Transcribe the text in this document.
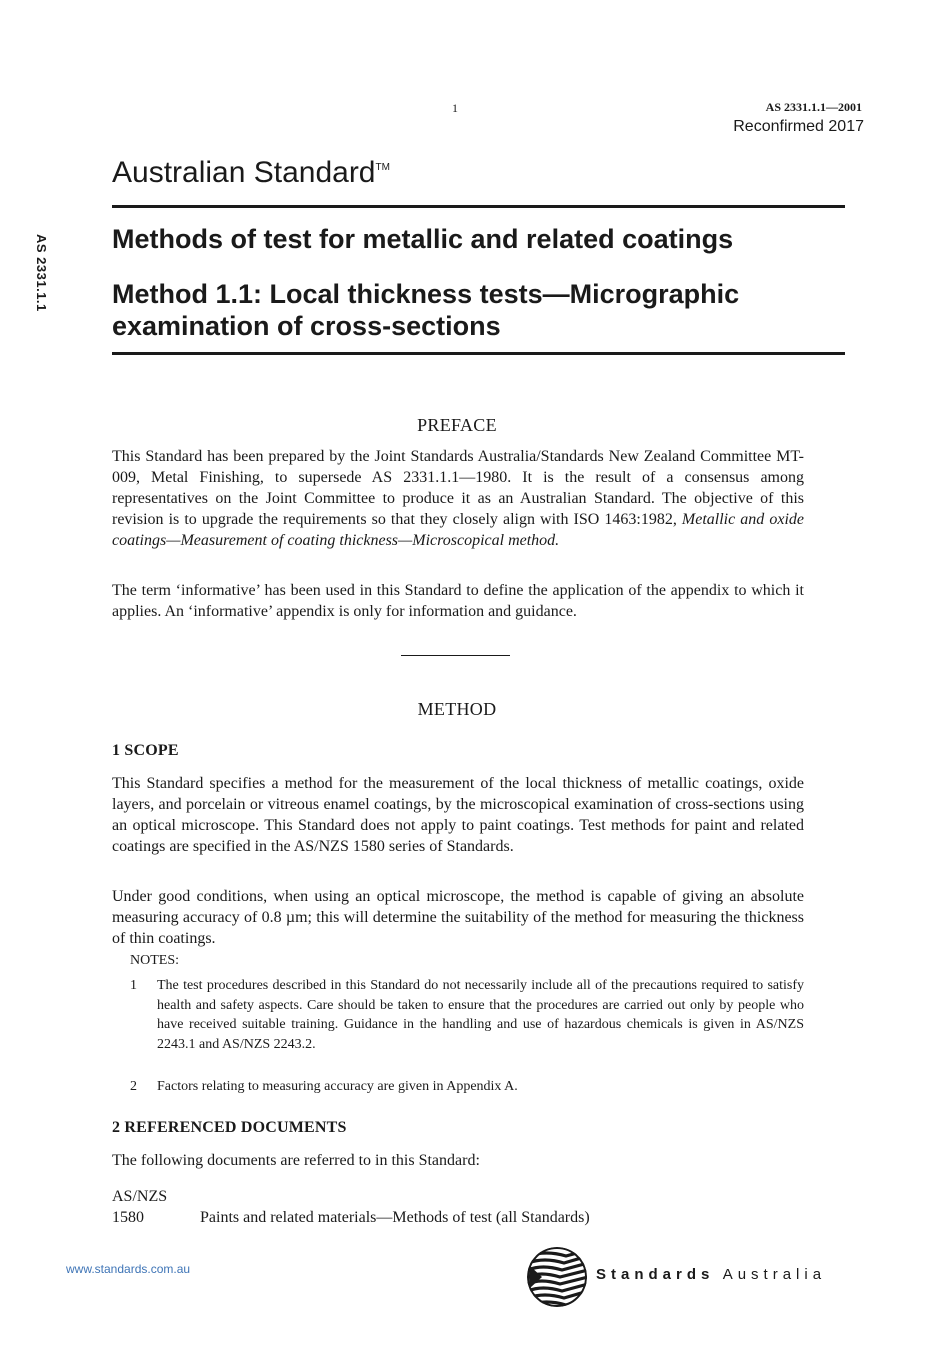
1	AS 2331.1.1—2001
Reconfirmed 2017
Australian Standard™
AS 2331.1.1 Methods of test for metallic and related coatings
Method 1.1: Local thickness tests—Micrographic examination of cross-sections
PREFACE
This Standard has been prepared by the Joint Standards Australia/Standards New Zealand Committee MT-009, Metal Finishing, to supersede AS 2331.1.1—1980. It is the result of a consensus among representatives on the Joint Committee to produce it as an Australian Standard. The objective of this revision is to upgrade the requirements so that they closely align with ISO 1463:1982, Metallic and oxide coatings—Measurement of coating thickness—Microscopical method.
The term ‘informative’ has been used in this Standard to define the application of the appendix to which it applies. An ‘informative’ appendix is only for information and guidance.
METHOD
1 SCOPE
This Standard specifies a method for the measurement of the local thickness of metallic coatings, oxide layers, and porcelain or vitreous enamel coatings, by the microscopical examination of cross-sections using an optical microscope. This Standard does not apply to paint coatings. Test methods for paint and related coatings are specified in the AS/NZS 1580 series of Standards.
Under good conditions, when using an optical microscope, the method is capable of giving an absolute measuring accuracy of 0.8 µm; this will determine the suitability of the method for measuring the thickness of thin coatings.
NOTES:
1 The test procedures described in this Standard do not necessarily include all of the precautions required to satisfy health and safety aspects. Care should be taken to ensure that the procedures are carried out only by people who have received suitable training. Guidance in the handling and use of hazardous chemicals is given in AS/NZS 2243.1 and AS/NZS 2243.2.
2 Factors relating to measuring accuracy are given in Appendix A.
2 REFERENCED DOCUMENTS
The following documents are referred to in this Standard:
AS/NZS
1580	Paints and related materials—Methods of test (all Standards)
www.standards.com.au	Standards Australia
